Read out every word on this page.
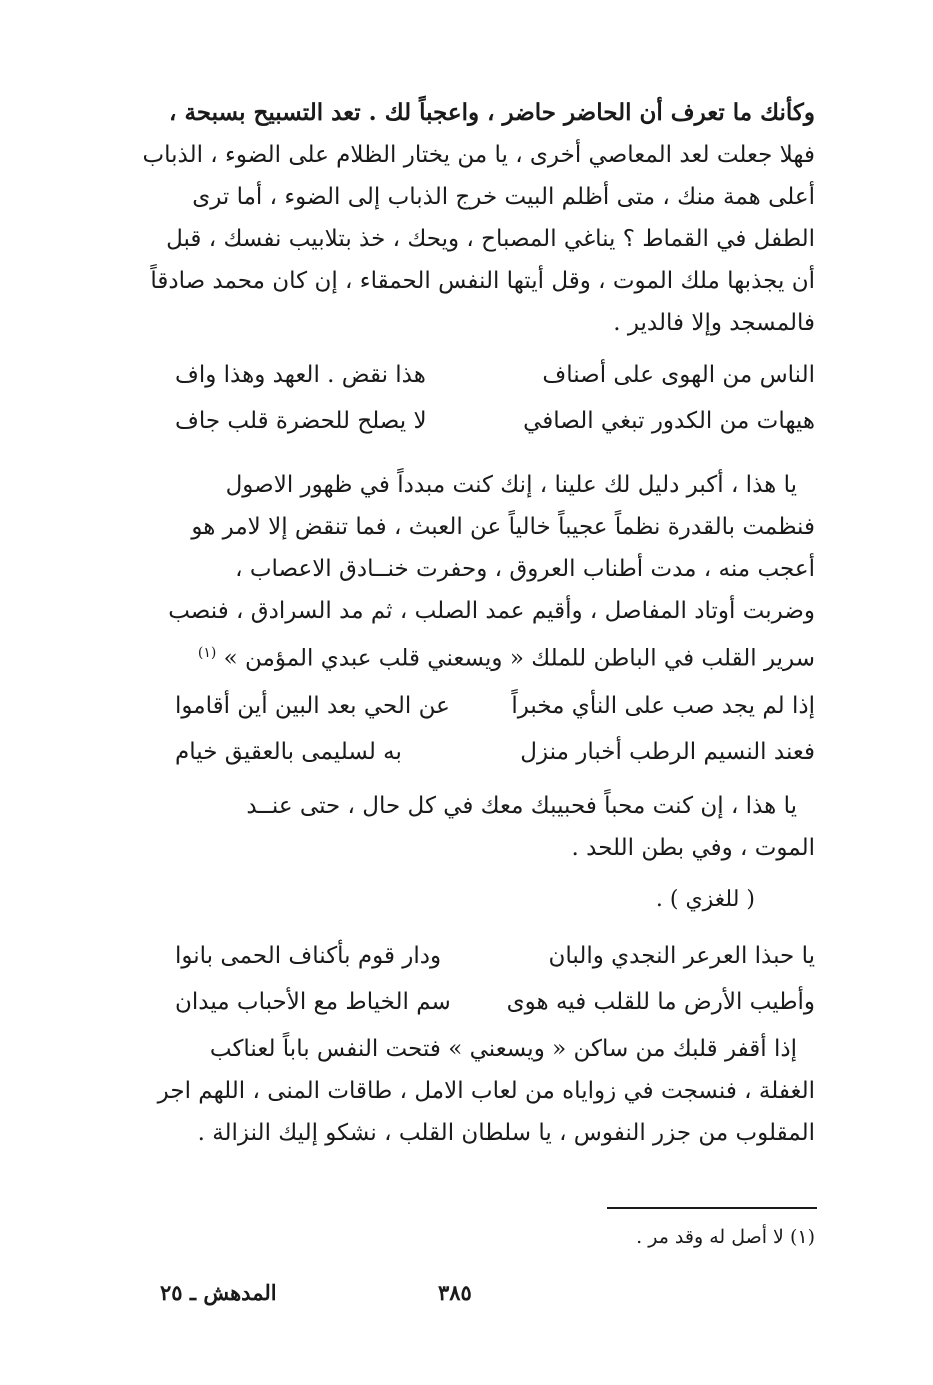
وكأنك ما تعرف أن الحاضر حاضر ، واعجباً لك . تعد التسبيح بسبحة ،
فهلا جعلت لعد المعاصي أخرى ، يا من يختار الظلام على الضوء ، الذباب
أعلى همة منك ، متى أظلم البيت خرج الذباب إلى الضوء ، أما ترى
الطفل في القماط ؟ يناغي المصباح ، ويحك ، خذ بتلابيب نفسك ، قبل
أن يجذبها ملك الموت ، وقل أيتها النفس الحمقاء ، إن كان محمد صادقاً
فالمسجد وإلا فالدير .
الناس من الهوى على أصناف
هذا نقض . العهد وهذا واف
هيهات من الكدور تبغي الصافي
لا يصلح للحضرة قلب جاف
يا هذا ، أكبر دليل لك علينا ، إنك كنت مبدداً في ظهور الاصول
فنظمت بالقدرة نظماً عجيباً خالياً عن العبث ، فما تنقض إلا لامر هو
أعجب منه ، مدت أطناب العروق ، وحفرت خنــادق الاعصاب ،
وضربت أوتاد المفاصل ، وأقيم عمد الصلب ، ثم مد السرادق ، فنصب
سرير القلب في الباطن للملك « ويسعني قلب عبدي المؤمن » $^{(١)}$
إذا لم يجد صب على النأي مخبراً
عن الحي بعد البين أين أقاموا
فعند النسيم الرطب أخبار منزل
به لسليمى بالعقيق خيام
يا هذا ، إن كنت محباً فحبيبك معك في كل حال ، حتى عنــد
الموت ، وفي بطن اللحد .
( للغزي ) .
يا حبذا العرعر النجدي والبان
ودار قوم بأكناف الحمى بانوا
وأطيب الأرض ما للقلب فيه هوى
سم الخياط مع الأحباب ميدان
إذا أقفر قلبك من ساكن « ويسعني » فتحت النفس باباً لعناكب
الغفلة ، فنسجت في زواياه من لعاب الامل ، طاقات المنى ، اللهم اجر
المقلوب من جزر النفوس ، يا سلطان القلب ، نشكو إليك النزالة .
(١) لا أصل له وقد مر .
٣٨٥
المدهش ـ ٢٥
